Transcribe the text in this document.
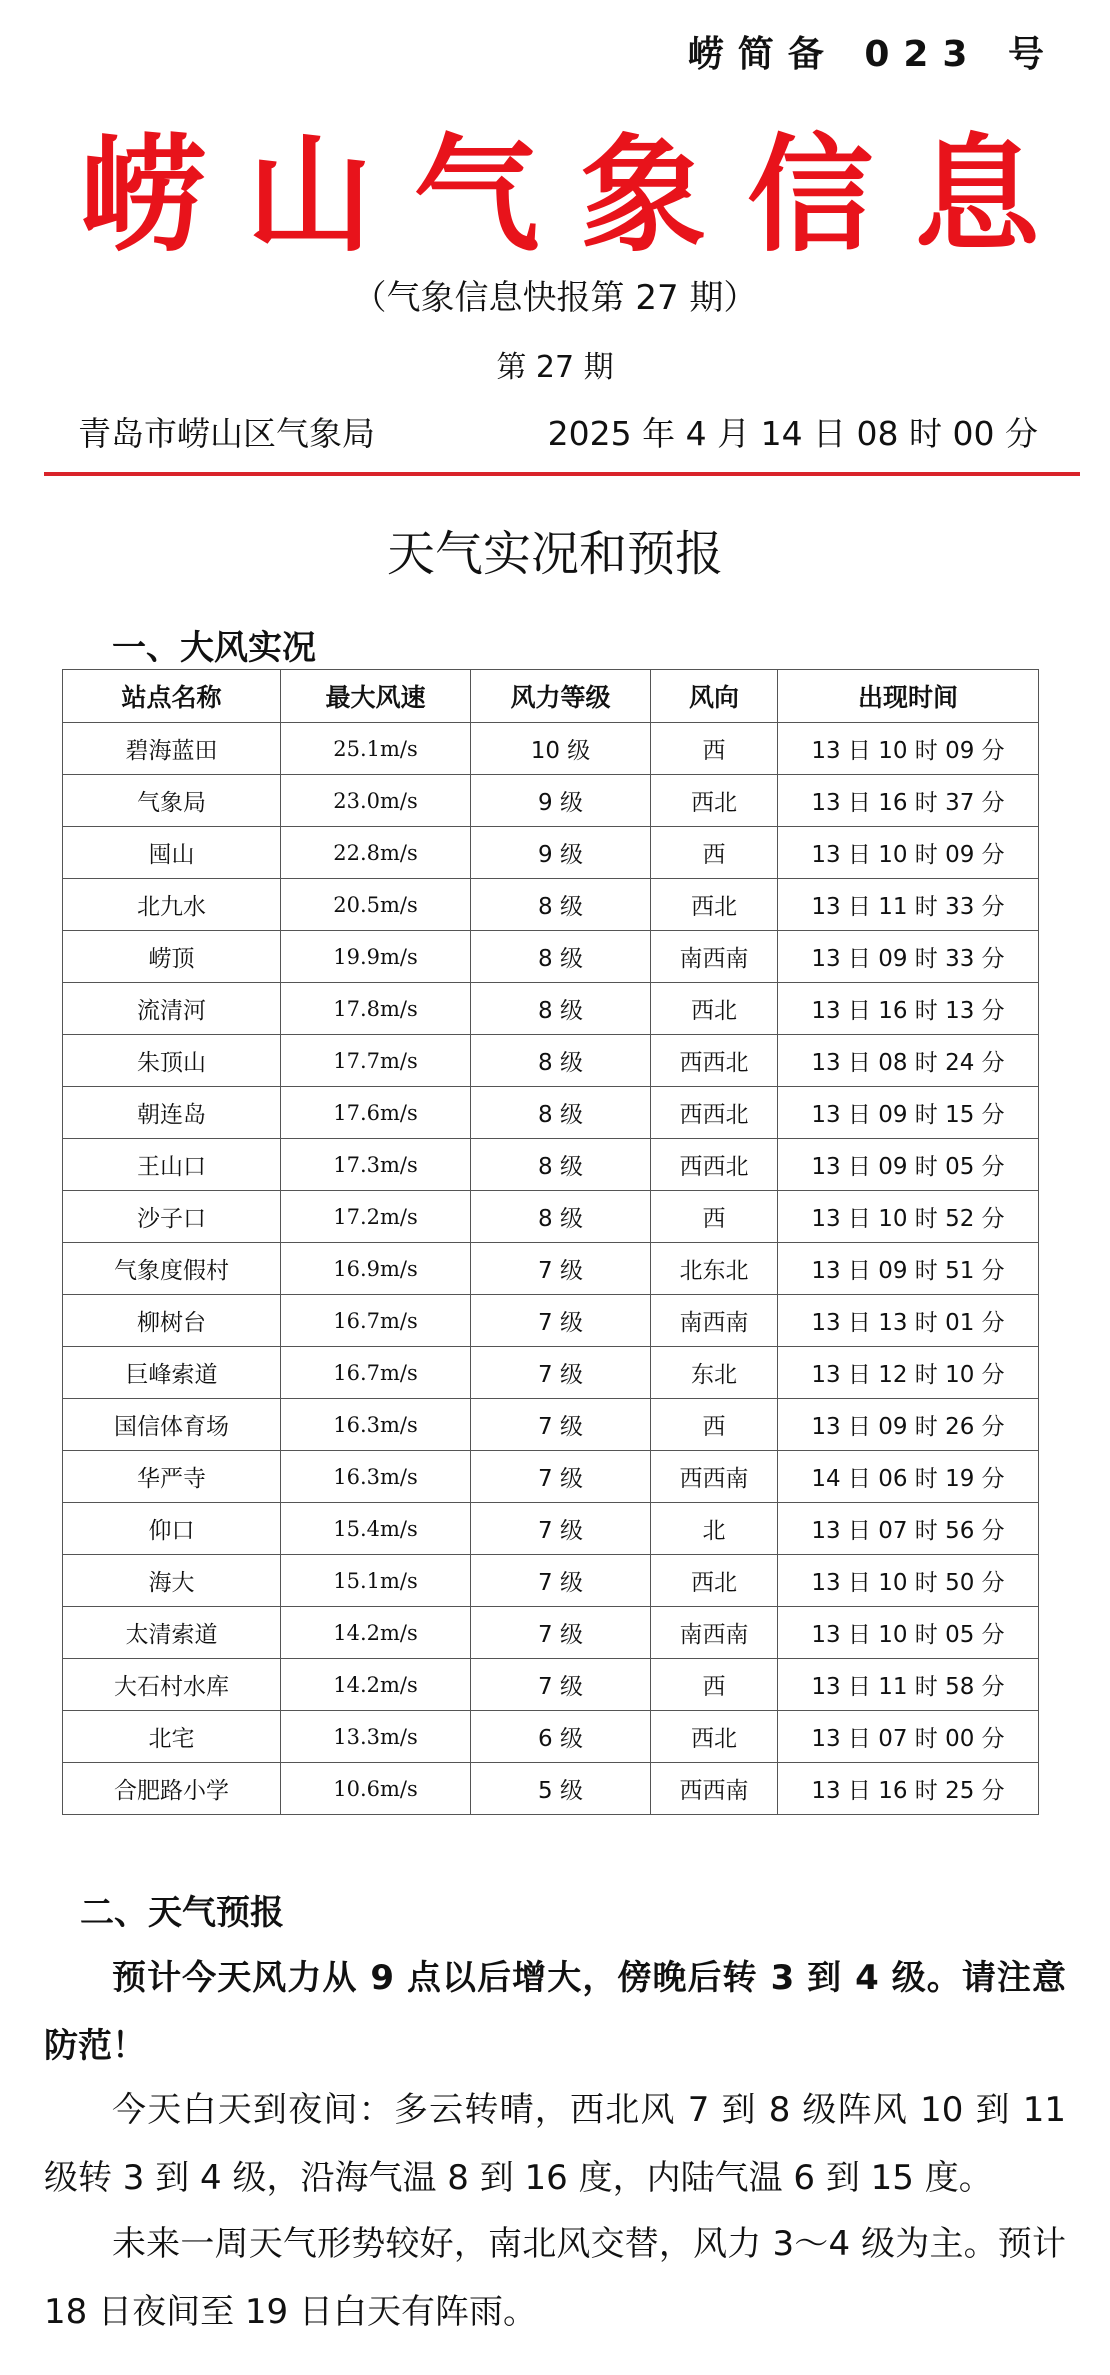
崂简备 023 号
崂 山 气 象 信 息
（气象信息快报第 27 期）
第 27 期
青岛市崂山区气象局	2025 年 4 月 14 日 08 时 00 分
天气实况和预报
一、大风实况
站点名称	最大风速	风力等级	风向	出现时间
碧海蓝田	25.1m/s	10 级	西	13 日 10 时 09 分
气象局	23.0m/s	9 级	西北	13 日 16 时 37 分
囤山	22.8m/s	9 级	西	13 日 10 时 09 分
北九水	20.5m/s	8 级	西北	13 日 11 时 33 分
崂顶	19.9m/s	8 级	南西南	13 日 09 时 33 分
流清河	17.8m/s	8 级	西北	13 日 16 时 13 分
朱顶山	17.7m/s	8 级	西西北	13 日 08 时 24 分
朝连岛	17.6m/s	8 级	西西北	13 日 09 时 15 分
王山口	17.3m/s	8 级	西西北	13 日 09 时 05 分
沙子口	17.2m/s	8 级	西	13 日 10 时 52 分
气象度假村	16.9m/s	7 级	北东北	13 日 09 时 51 分
柳树台	16.7m/s	7 级	南西南	13 日 13 时 01 分
巨峰索道	16.7m/s	7 级	东北	13 日 12 时 10 分
国信体育场	16.3m/s	7 级	西	13 日 09 时 26 分
华严寺	16.3m/s	7 级	西西南	14 日 06 时 19 分
仰口	15.4m/s	7 级	北	13 日 07 时 56 分
海大	15.1m/s	7 级	西北	13 日 10 时 50 分
太清索道	14.2m/s	7 级	南西南	13 日 10 时 05 分
大石村水库	14.2m/s	7 级	西	13 日 11 时 58 分
北宅	13.3m/s	6 级	西北	13 日 07 时 00 分
合肥路小学	10.6m/s	5 级	西西南	13 日 16 时 25 分
二、天气预报
预计今天风力从 9 点以后增大，傍晚后转 3 到 4 级。请注意防范！
今天白天到夜间：多云转晴，西北风 7 到 8 级阵风 10 到 11 级转 3 到 4 级，沿海气温 8 到 16 度，内陆气温 6 到 15 度。
未来一周天气形势较好，南北风交替，风力 3～4 级为主。预计 18 日夜间至 19 日白天有阵雨。
